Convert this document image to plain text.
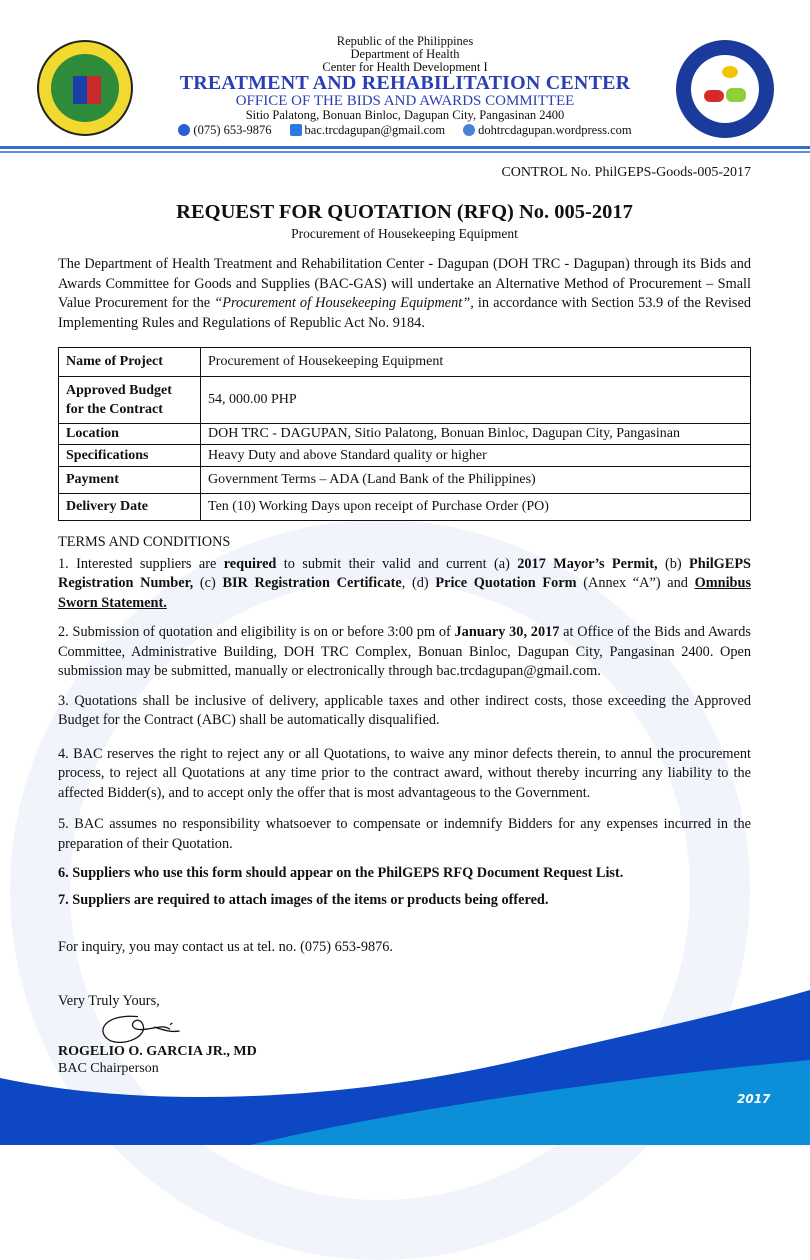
2017
Republic of the Philippines
Department of Health
Center for Health Development I
TREATMENT AND REHABILITATION CENTER
OFFICE OF THE BIDS AND AWARDS COMMITTEE
Sitio Palatong, Bonuan Binloc, Dagupan City, Pangasinan 2400
(075) 653-9876	bac.trcdagupan@gmail.com	dohtrcdagupan.wordpress.com
CONTROL No. PhilGEPS-Goods-005-2017
REQUEST FOR QUOTATION (RFQ) No. 005-2017
Procurement of Housekeeping Equipment

The Department of Health Treatment and Rehabilitation Center - Dagupan (DOH TRC - Dagupan) through its Bids and Awards Committee for Goods and Supplies (BAC-GAS) will undertake an Alternative Method of Procurement – Small Value Procurement for the “Procurement of Housekeeping Equipment”, in accordance with Section 53.9 of the Revised Implementing Rules and Regulations of Republic Act No. 9184.

Name of Project	Procurement of Housekeeping Equipment
Approved Budget for the Contract	54, 000.00 PHP
Location	DOH TRC - DAGUPAN, Sitio Palatong, Bonuan Binloc, Dagupan City, Pangasinan
Specifications	Heavy Duty and above Standard quality or higher
Payment	Government Terms – ADA (Land Bank of the Philippines)
Delivery Date	Ten (10) Working Days upon receipt of Purchase Order (PO)

TERMS AND CONDITIONS

1. Interested suppliers are required to submit their valid and current (a) 2017 Mayor’s Permit, (b) PhilGEPS Registration Number, (c) BIR Registration Certificate, (d) Price Quotation Form (Annex “A”) and Omnibus Sworn Statement.

2. Submission of quotation and eligibility is on or before 3:00 pm of January 30, 2017 at Office of the Bids and Awards Committee, Administrative Building, DOH TRC Complex, Bonuan Binloc, Dagupan City, Pangasinan 2400. Open submission may be submitted, manually or electronically through bac.trcdagupan@gmail.com.

3. Quotations shall be inclusive of delivery, applicable taxes and other indirect costs, those exceeding the Approved Budget for the Contract (ABC) shall be automatically disqualified.

4. BAC reserves the right to reject any or all Quotations, to waive any minor defects therein, to annul the procurement process, to reject all Quotations at any time prior to the contract award, without thereby incurring any liability to the affected Bidder(s), and to accept only the offer that is most advantageous to the Government.

5. BAC assumes no responsibility whatsoever to compensate or indemnify Bidders for any expenses incurred in the preparation of their Quotation.

6. Suppliers who use this form should appear on the PhilGEPS RFQ Document Request List.

7. Suppliers are required to attach images of the items or products being offered.

For inquiry, you may contact us at tel. no. (075) 653-9876.

Very Truly Yours,

ROGELIO O. GARCIA JR., MD
BAC Chairperson
